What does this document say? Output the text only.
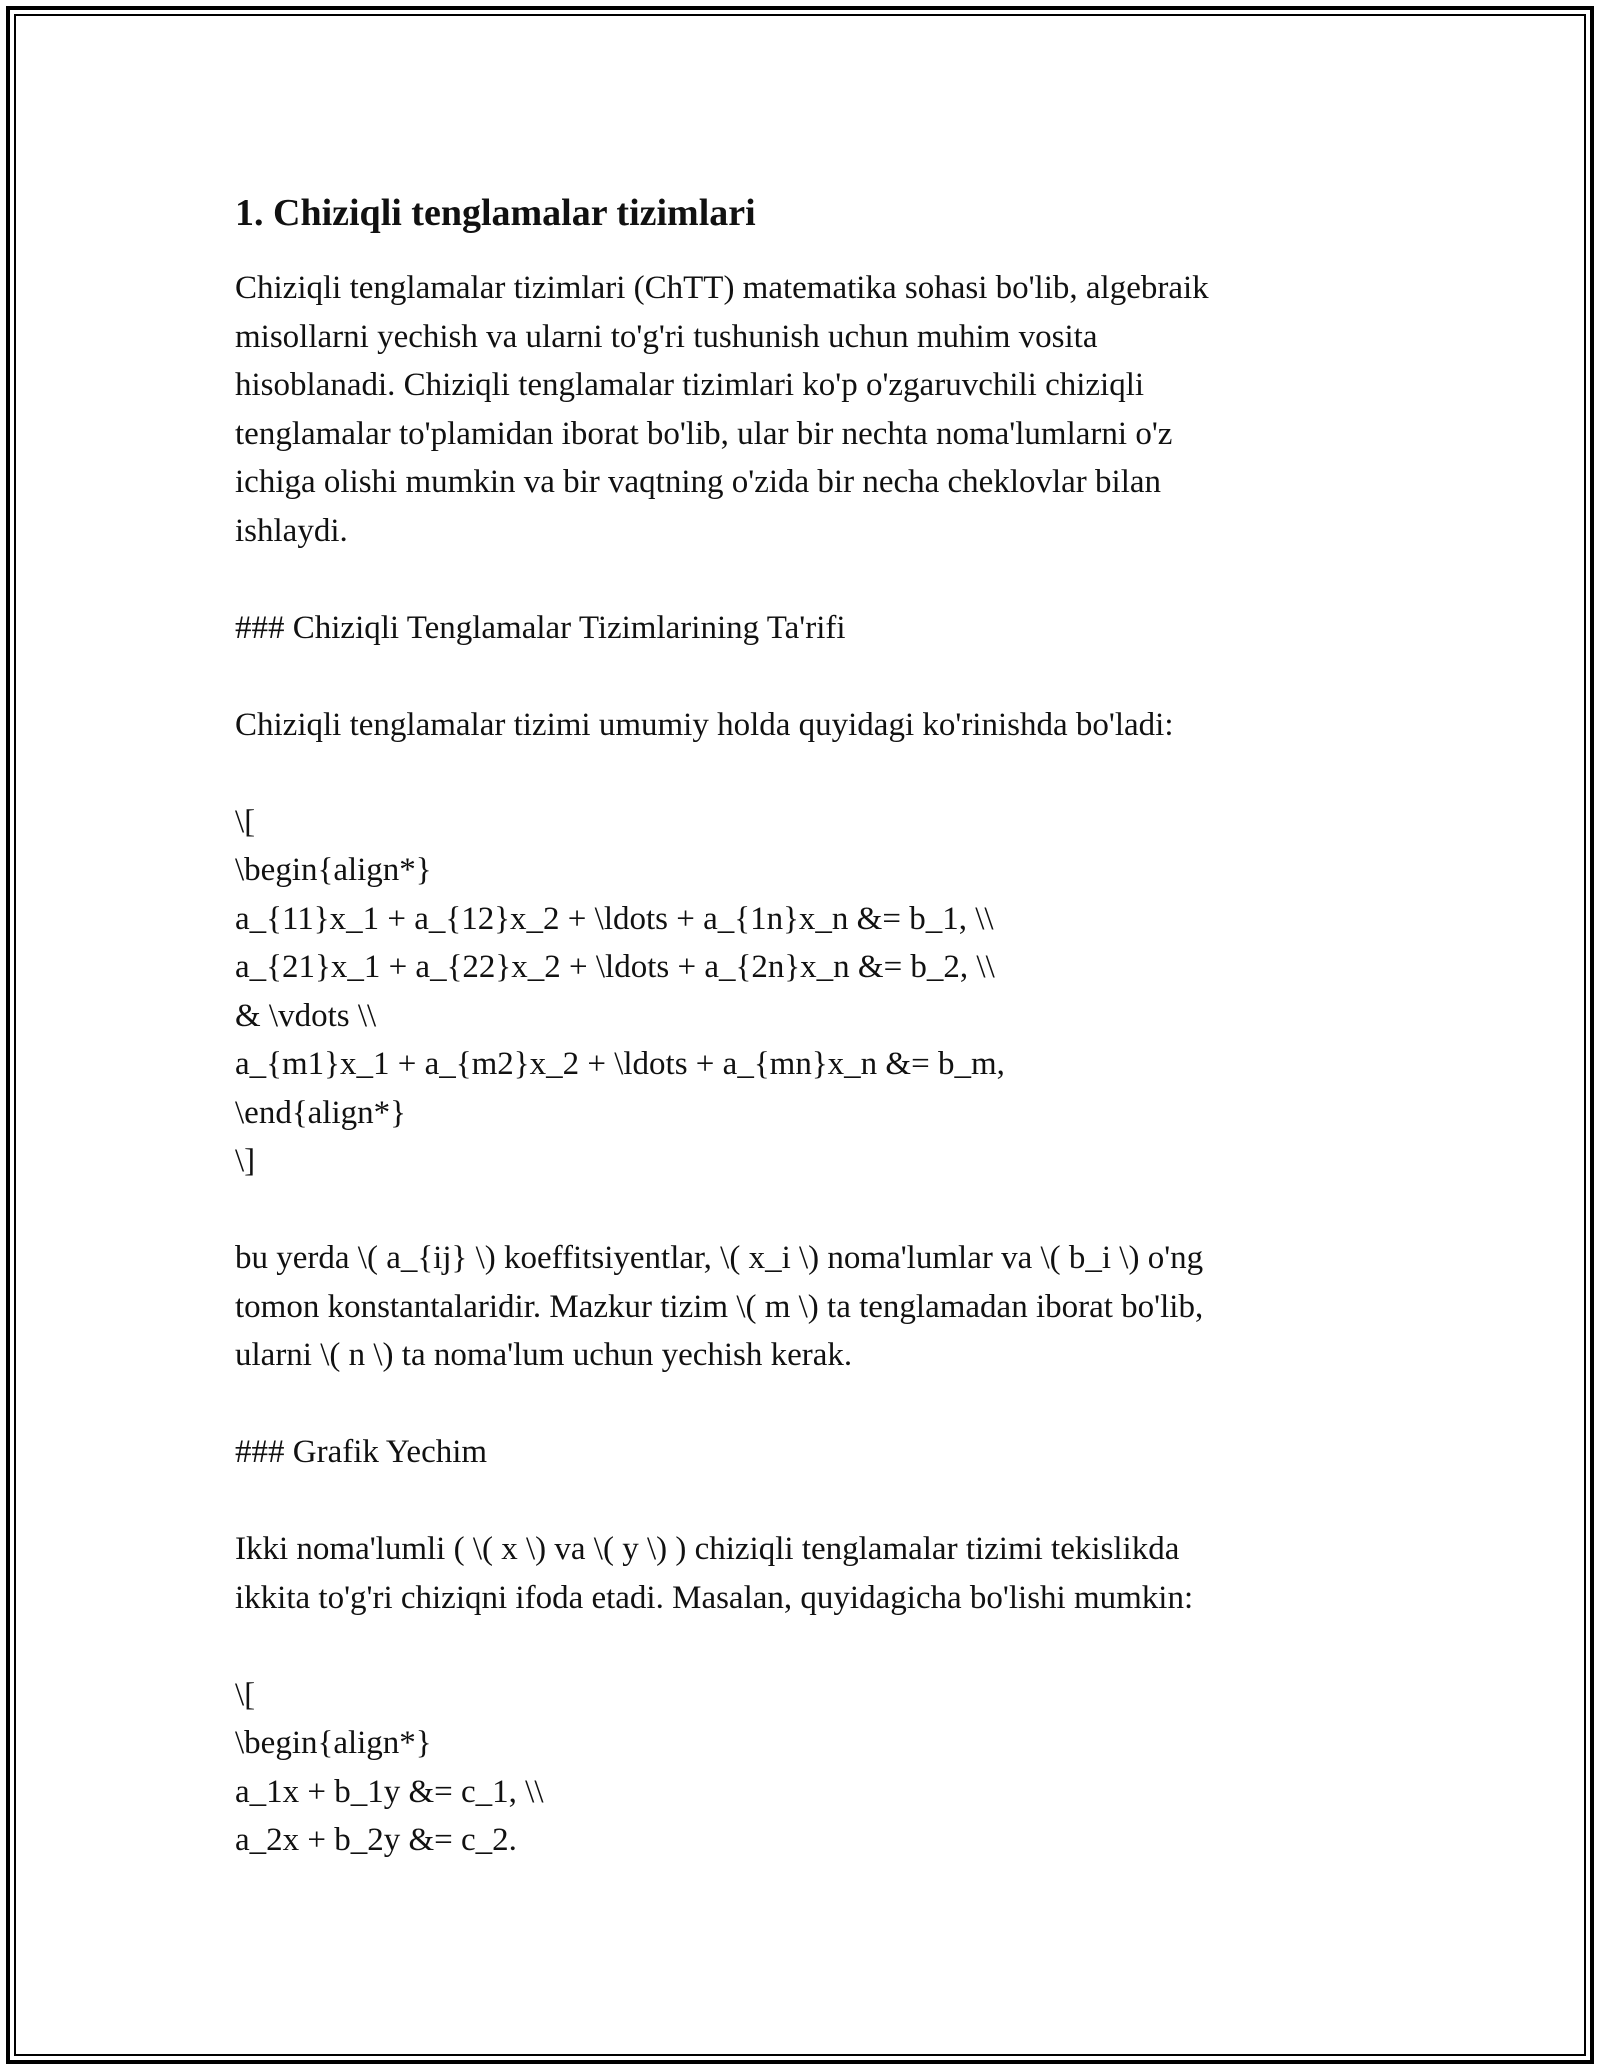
1. Chiziqli tenglamalar tizimlari
Chiziqli tenglamalar tizimlari (ChTT) matematika sohasi bo'lib, algebraik
misollarni yechish va ularni to'g'ri tushunish uchun muhim vosita
hisoblanadi. Chiziqli tenglamalar tizimlari ko'p o'zgaruvchili chiziqli
tenglamalar to'plamidan iborat bo'lib, ular bir nechta noma'lumlarni o'z
ichiga olishi mumkin va bir vaqtning o'zida bir necha cheklovlar bilan
ishlaydi.
### Chiziqli Tenglamalar Tizimlarining Ta'rifi
Chiziqli tenglamalar tizimi umumiy holda quyidagi ko'rinishda bo'ladi:
\[
\begin{align*}
a_{11}x_1 + a_{12}x_2 + \ldots + a_{1n}x_n &= b_1, \\
a_{21}x_1 + a_{22}x_2 + \ldots + a_{2n}x_n &= b_2, \\
& \vdots \\
a_{m1}x_1 + a_{m2}x_2 + \ldots + a_{mn}x_n &= b_m,
\end{align*}
\]
bu yerda \( a_{ij} \) koeffitsiyentlar, \( x_i \) noma'lumlar va \( b_i \) o'ng
tomon konstantalaridir. Mazkur tizim \( m \) ta tenglamadan iborat bo'lib,
ularni \( n \) ta noma'lum uchun yechish kerak.
### Grafik Yechim
Ikki noma'lumli ( \( x \) va \( y \) ) chiziqli tenglamalar tizimi tekislikda
ikkita to'g'ri chiziqni ifoda etadi. Masalan, quyidagicha bo'lishi mumkin:
\[
\begin{align*}
a_1x + b_1y &= c_1, \\
a_2x + b_2y &= c_2.
